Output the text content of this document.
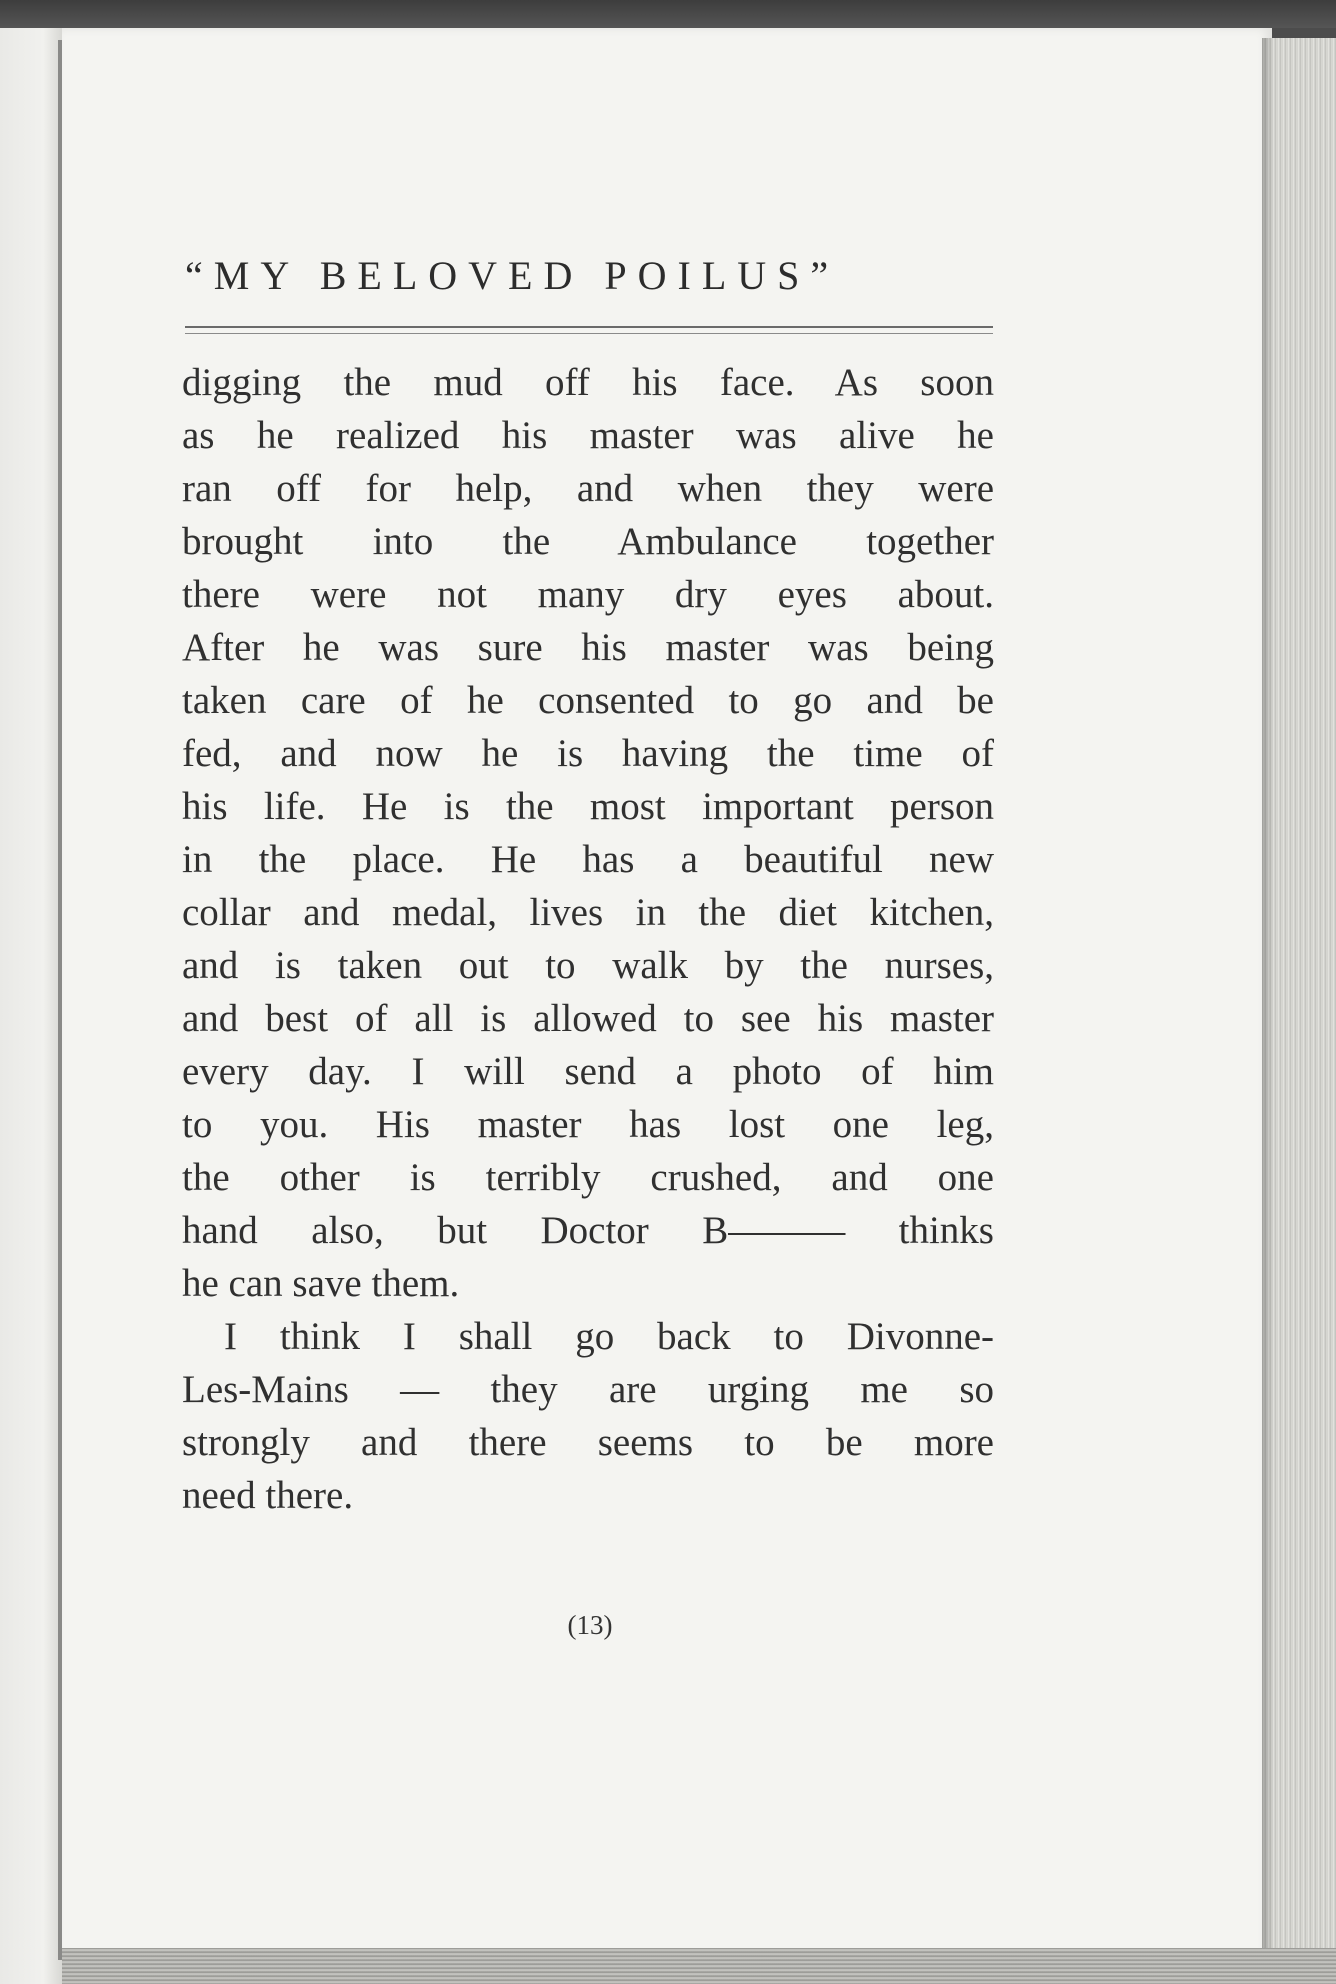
“MY BELOVED POILUS”
digging the mud off his face. As soon
as he realized his master was alive he
ran off for help, and when they were
brought into the Ambulance together
there were not many dry eyes about.
After he was sure his master was being
taken care of he consented to go and be
fed, and now he is having the time of
his life. He is the most important person
in the place. He has a beautiful new
collar and medal, lives in the diet kitchen,
and is taken out to walk by the nurses,
and best of all is allowed to see his master
every day. I will send a photo of him
to you. His master has lost one leg,
the other is terribly crushed, and one
hand also, but Doctor B——— thinks
he can save them.
I think I shall go back to Divonne-
Les-Mains — they are urging me so
strongly and there seems to be more
need there.
(13)
